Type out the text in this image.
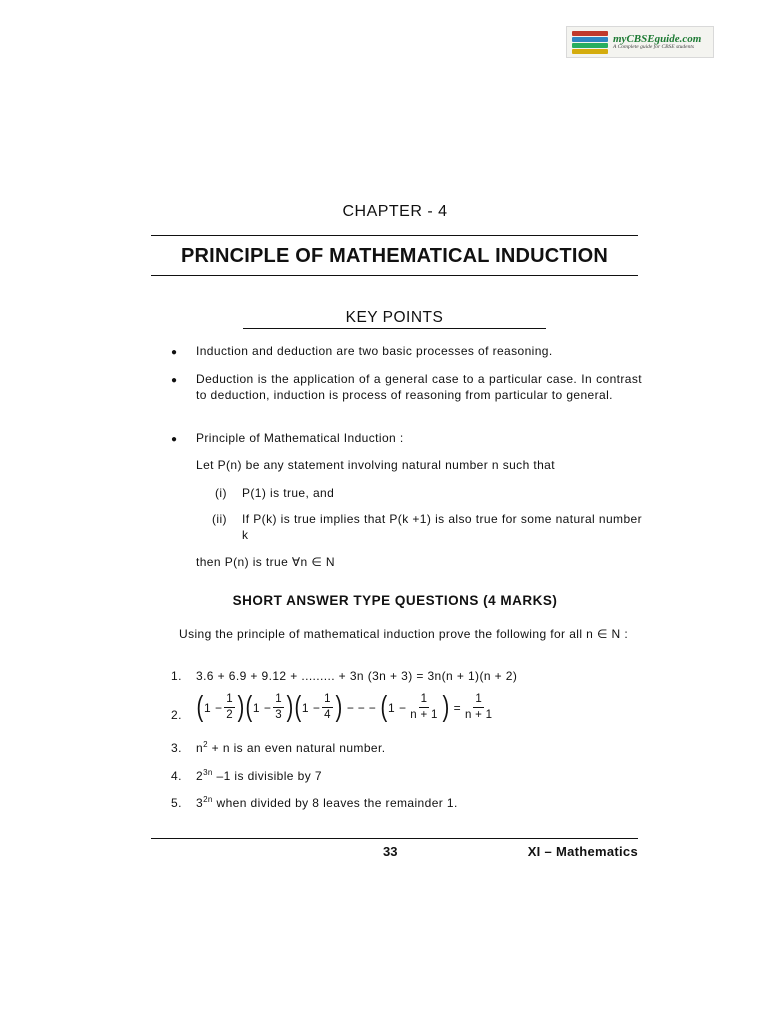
myCBSEguide.com
A Complete guide for CBSE students
CHAPTER - 4
PRINCIPLE OF MATHEMATICAL INDUCTION
KEY POINTS
● Induction and deduction are two basic processes of reasoning.
● Deduction is the application of a general case to a particular case. In contrast to deduction, induction is process of reasoning from particular to general.
● Principle of Mathematical Induction :
Let P(n) be any statement involving natural number n such that
(i) P(1) is true, and
(ii) If P(k) is true implies that P(k +1) is also true for some natural number k
then P(n) is true ∀n ∈ N
SHORT ANSWER TYPE QUESTIONS (4 MARKS)
Using the principle of mathematical induction prove the following for all n ∈ N :
1. 3.6 + 6.9 + 9.12 + ......... + 3n (3n + 3) = 3n(n + 1)(n + 2)
2. ( $1 - \frac{1}{2}$ ) ( $1 - \frac{1}{3}$ ) ( $1 - \frac{1}{4}$ ) − − − ( $1 - \frac{1}{n + 1}$ ) = $\frac{1}{n + 1}$
3. $n^2 + n$ is an even natural number.
4. $2^{3n}$ –1 is divisible by 7
5. $3^{2n}$ when divided by 8 leaves the remainder 1.
33	XI – Mathematics
